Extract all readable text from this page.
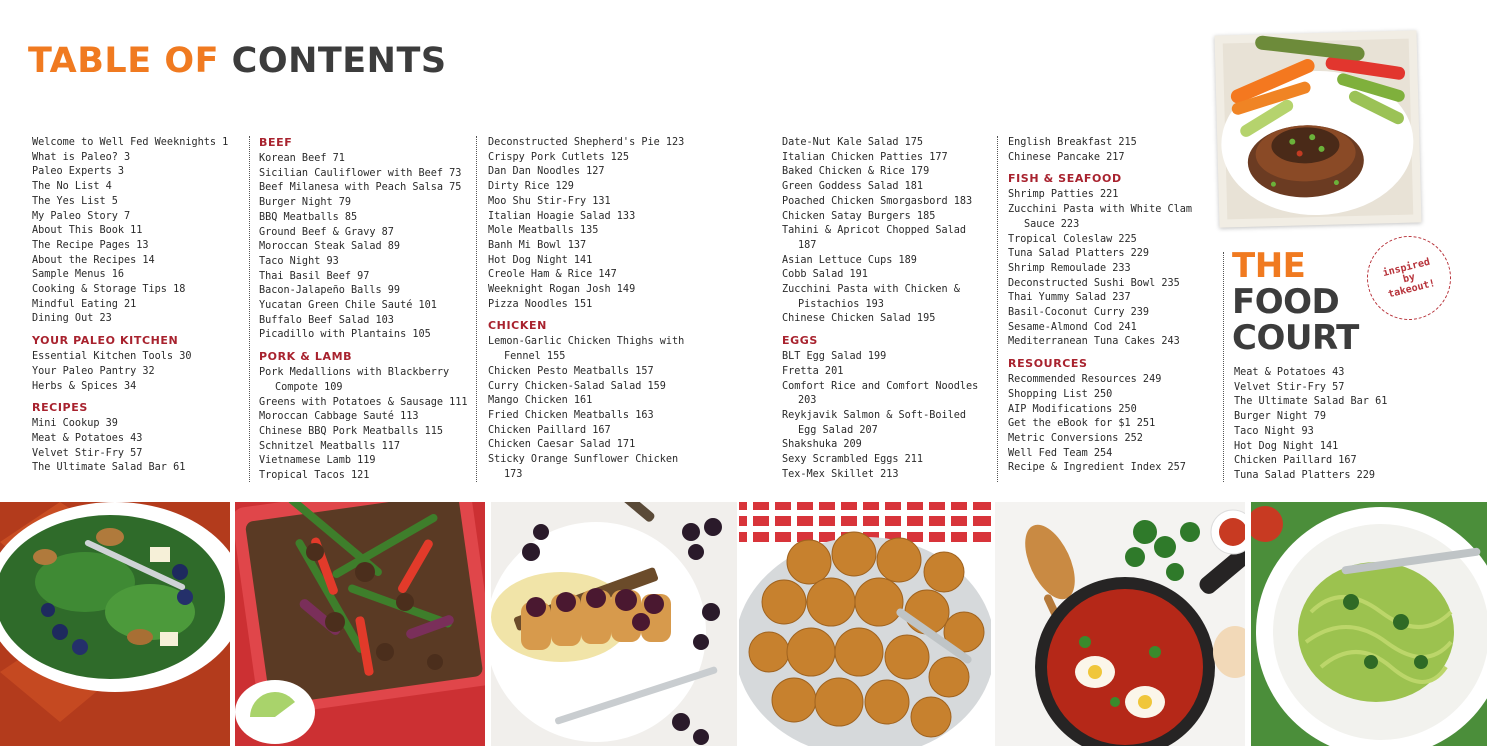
TABLE OF CONTENTS
Welcome to Well Fed Weeknights 1
What is Paleo? 3
Paleo Experts 3
The No List 4
The Yes List 5
My Paleo Story 7
About This Book 11
The Recipe Pages 13
About the Recipes 14
Sample Menus 16
Cooking & Storage Tips 18
Mindful Eating 21
Dining Out 23
YOUR PALEO KITCHEN
Essential Kitchen Tools 30
Your Paleo Pantry 32
Herbs & Spices 34
RECIPES
Mini Cookup 39
Meat & Potatoes 43
Velvet Stir-Fry 57
The Ultimate Salad Bar 61
BEEF
Korean Beef 71
Sicilian Cauliflower with Beef 73
Beef Milanesa with Peach Salsa 75
Burger Night 79
BBQ Meatballs 85
Ground Beef & Gravy 87
Moroccan Steak Salad 89
Taco Night 93
Thai Basil Beef 97
Bacon-Jalapeño Balls 99
Yucatan Green Chile Sauté 101
Buffalo Beef Salad 103
Picadillo with Plantains 105
PORK & LAMB
Pork Medallions with Blackberry
Compote 109
Greens with Potatoes & Sausage 111
Moroccan Cabbage Sauté 113
Chinese BBQ Pork Meatballs 115
Schnitzel Meatballs 117
Vietnamese Lamb 119
Tropical Tacos 121
Deconstructed Shepherd's Pie 123
Crispy Pork Cutlets 125
Dan Dan Noodles 127
Dirty Rice 129
Moo Shu Stir-Fry 131
Italian Hoagie Salad 133
Mole Meatballs 135
Banh Mi Bowl 137
Hot Dog Night 141
Creole Ham & Rice 147
Weeknight Rogan Josh 149
Pizza Noodles 151
CHICKEN
Lemon-Garlic Chicken Thighs with
Fennel 155
Chicken Pesto Meatballs 157
Curry Chicken-Salad Salad 159
Mango Chicken 161
Fried Chicken Meatballs 163
Chicken Paillard 167
Chicken Caesar Salad 171
Sticky Orange Sunflower Chicken
173
Date-Nut Kale Salad 175
Italian Chicken Patties 177
Baked Chicken & Rice 179
Green Goddess Salad 181
Poached Chicken Smorgasbord 183
Chicken Satay Burgers 185
Tahini & Apricot Chopped Salad
187
Asian Lettuce Cups 189
Cobb Salad 191
Zucchini Pasta with Chicken &
Pistachios 193
Chinese Chicken Salad 195
EGGS
BLT Egg Salad 199
Fretta 201
Comfort Rice and Comfort Noodles
203
Reykjavik Salmon & Soft-Boiled
Egg Salad 207
Shakshuka 209
Sexy Scrambled Eggs 211
Tex-Mex Skillet 213
English Breakfast 215
Chinese Pancake 217
FISH & SEAFOOD
Shrimp Patties 221
Zucchini Pasta with White Clam
Sauce 223
Tropical Coleslaw 225
Tuna Salad Platters 229
Shrimp Remoulade 233
Deconstructed Sushi Bowl 235
Thai Yummy Salad 237
Basil-Coconut Curry 239
Sesame-Almond Cod 241
Mediterranean Tuna Cakes 243
RESOURCES
Recommended Resources 249
Shopping List 250
AIP Modifications 250
Get the eBook for $1 251
Metric Conversions 252
Well Fed Team 254
Recipe & Ingredient Index 257
THE
FOOD
COURT
inspired by takeout!
Meat & Potatoes 43
Velvet Stir-Fry 57
The Ultimate Salad Bar 61
Burger Night 79
Taco Night 93
Hot Dog Night 141
Chicken Paillard 167
Tuna Salad Platters 229
